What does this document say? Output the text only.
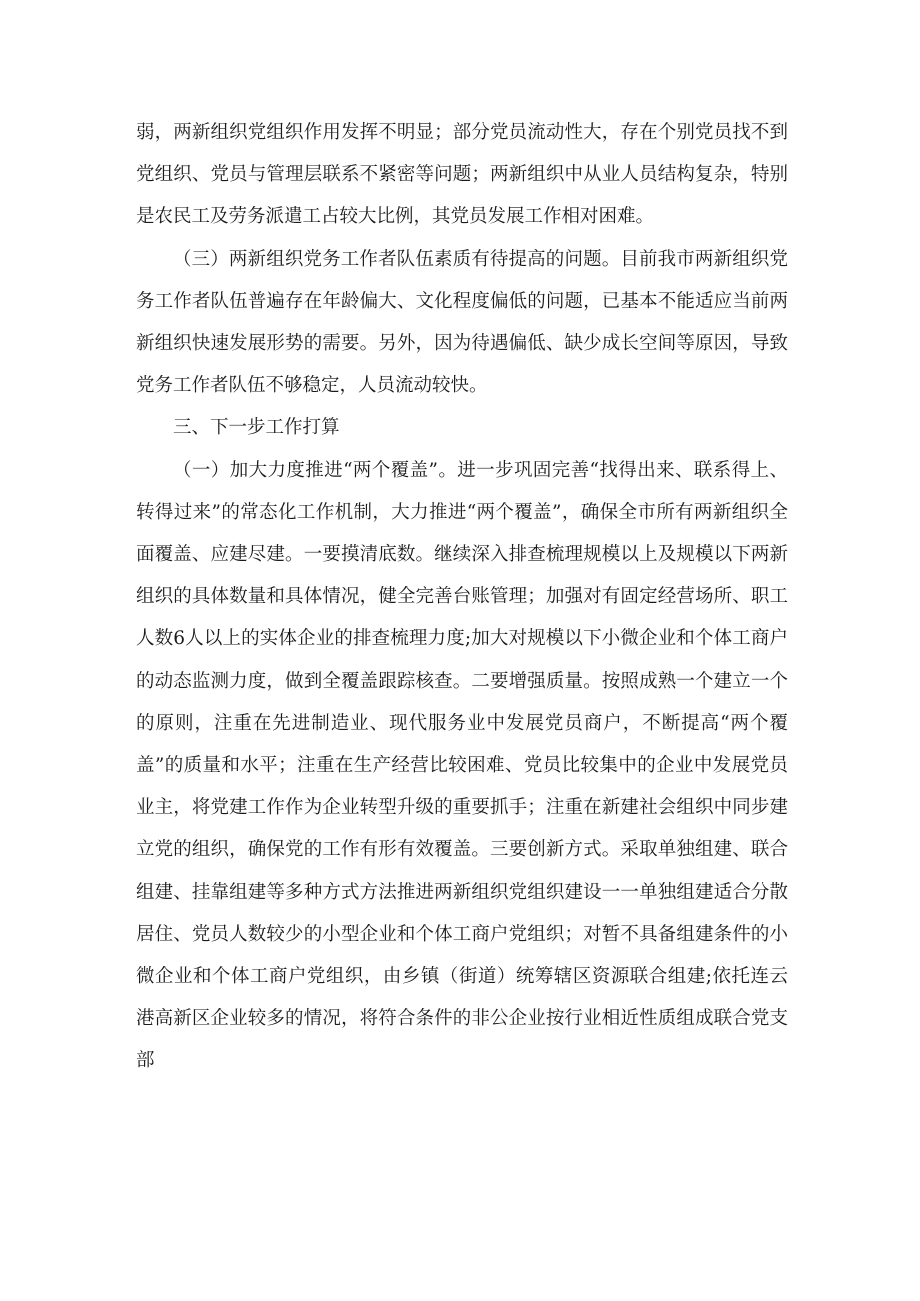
弱，两新组织党组织作用发挥不明显；部分党员流动性大，存在个别党员找不到党组织、党员与管理层联系不紧密等问题；两新组织中从业人员结构复杂，特别是农民工及劳务派遣工占较大比例，其党员发展工作相对困难。

（三）两新组织党务工作者队伍素质有待提高的问题。目前我市两新组织党务工作者队伍普遍存在年龄偏大、文化程度偏低的问题，已基本不能适应当前两新组织快速发展形势的需要。另外，因为待遇偏低、缺少成长空间等原因，导致党务工作者队伍不够稳定，人员流动较快。

三、下一步工作打算

（一）加大力度推进“两个覆盖”。进一步巩固完善“找得出来、联系得上、转得过来”的常态化工作机制，大力推进“两个覆盖”，确保全市所有两新组织全面覆盖、应建尽建。一要摸清底数。继续深入排查梳理规模以上及规模以下两新组织的具体数量和具体情况，健全完善台账管理；加强对有固定经营场所、职工人数6人以上的实体企业的排查梳理力度;加大对规模以下小微企业和个体工商户的动态监测力度，做到全覆盖跟踪核查。二要增强质量。按照成熟一个建立一个的原则，注重在先进制造业、现代服务业中发展党员商户，不断提高“两个覆盖”的质量和水平；注重在生产经营比较困难、党员比较集中的企业中发展党员业主，将党建工作作为企业转型升级的重要抓手；注重在新建社会组织中同步建立党的组织，确保党的工作有形有效覆盖。三要创新方式。采取单独组建、联合组建、挂靠组建等多种方式方法推进两新组织党组织建设一一单独组建适合分散居住、党员人数较少的小型企业和个体工商户党组织；对暂不具备组建条件的小微企业和个体工商户党组织，由乡镇（街道）统筹辖区资源联合组建;依托连云港高新区企业较多的情况，将符合条件的非公企业按行业相近性质组成联合党支部
